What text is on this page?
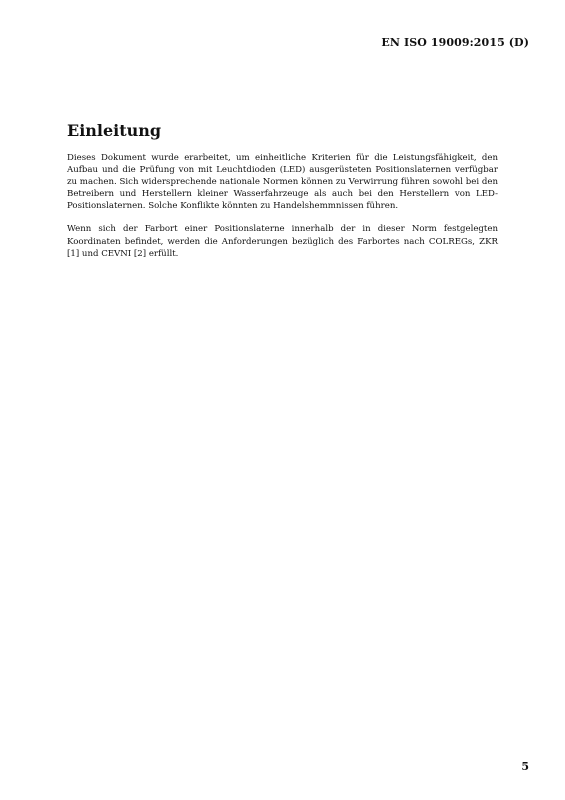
EN ISO 19009:2015 (D)
Einleitung

Dieses Dokument wurde erarbeitet, um einheitliche Kriterien für die Leistungsfähigkeit, den Aufbau und die Prüfung von mit Leuchtdioden (LED) ausgerüsteten Positionslaternen verfügbar zu machen. Sich widersprechende nationale Normen können zu Verwirrung führen sowohl bei den Betreibern und Herstellern kleiner Wasserfahrzeuge als auch bei den Herstellern von LED-Positionslaternen. Solche Konflikte könnten zu Handelshemmnissen führen.

Wenn sich der Farbort einer Positionslaterne innerhalb der in dieser Norm festgelegten Koordinaten befindet, werden die Anforderungen bezüglich des Farbortes nach COLREGs, ZKR [1] und CEVNI [2] erfüllt.

5
